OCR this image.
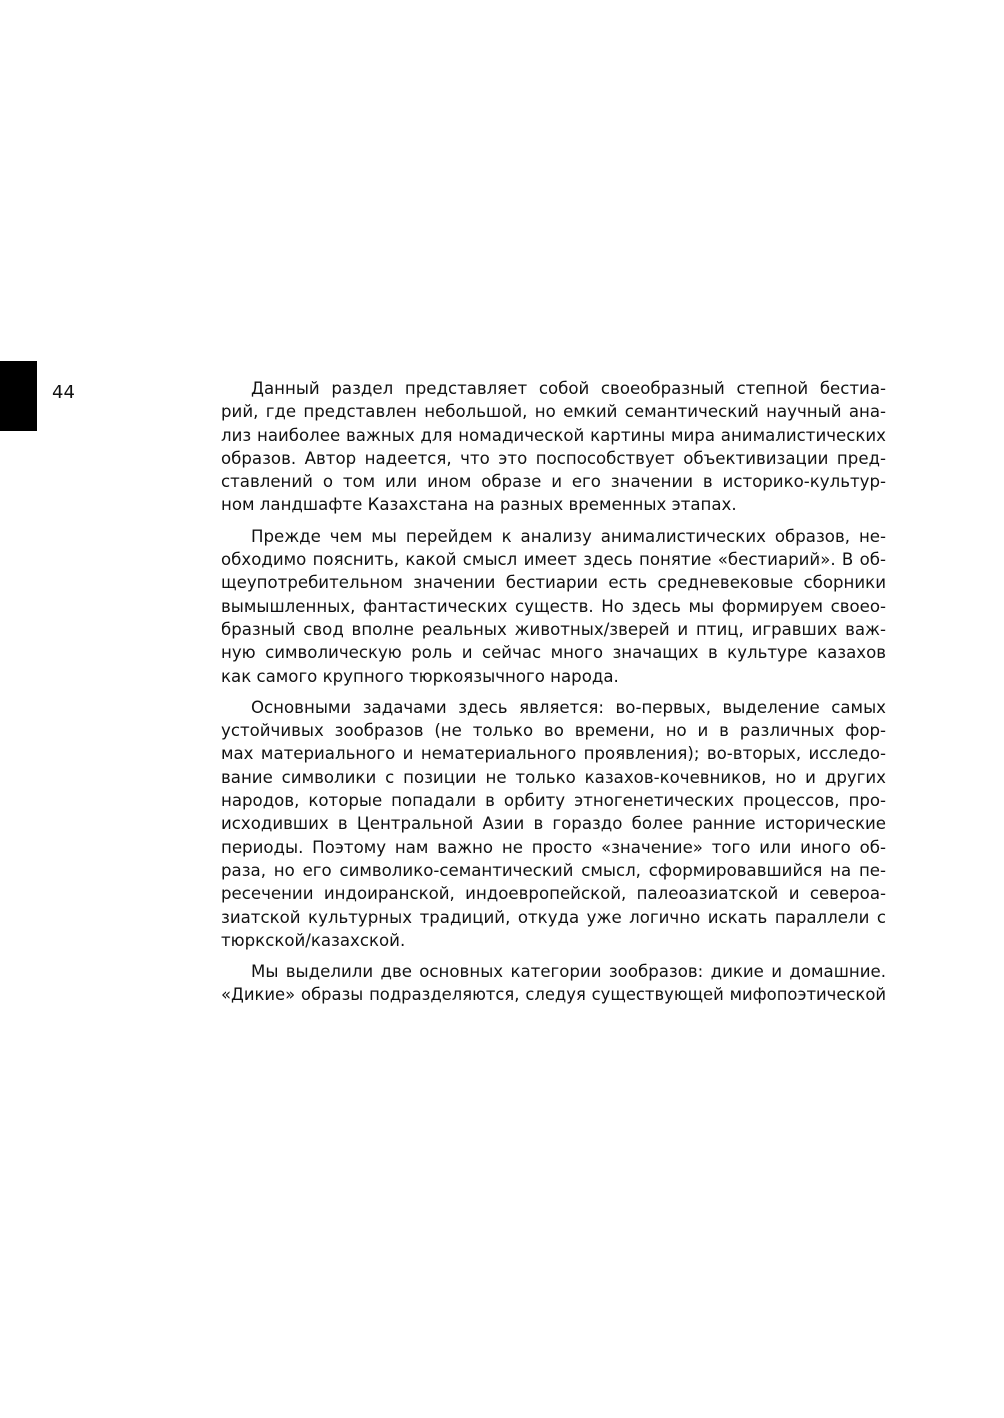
44	Данный раздел представляет собой своеобразный степной бестиа-
рий, где представлен небольшой, но емкий семантический научный ана-
лиз наиболее важных для номадической картины мира анималистических
образов. Автор надеется, что это поспособствует объективизации пред-
ставлений о том или ином образе и его значении в историко-культур-
ном ландшафте Казахстана на разных временных этапах.

Прежде чем мы перейдем к анализу анималистических образов, не-
обходимо пояснить, какой смысл имеет здесь понятие «бестиарий». В об-
щеупотребительном значении бестиарии есть средневековые сборники
вымышленных, фантастических существ. Но здесь мы формируем своео-
бразный свод вполне реальных животных/зверей и птиц, игравших важ-
ную символическую роль и сейчас много значащих в культуре казахов
как самого крупного тюркоязычного народа.

Основными задачами здесь является: во-первых, выделение самых
устойчивых зообразов (не только во времени, но и в различных фор-
мах материального и нематериального проявления); во-вторых, исследо-
вание символики с позиции не только казахов-кочевников, но и других
народов, которые попадали в орбиту этногенетических процессов, про-
исходивших в Центральной Азии в гораздо более ранние исторические
периоды. Поэтому нам важно не просто «значение» того или иного об-
раза, но его символико-семантический смысл, сформировавшийся на пе-
ресечении индоиранской, индоевропейской, палеоазиатской и североа-
зиатской культурных традиций, откуда уже логично искать параллели с
тюркской/казахской.

Мы выделили две основных категории зообразов: дикие и домашние.
«Дикие» образы подразделяются, следуя существующей мифопоэтической
